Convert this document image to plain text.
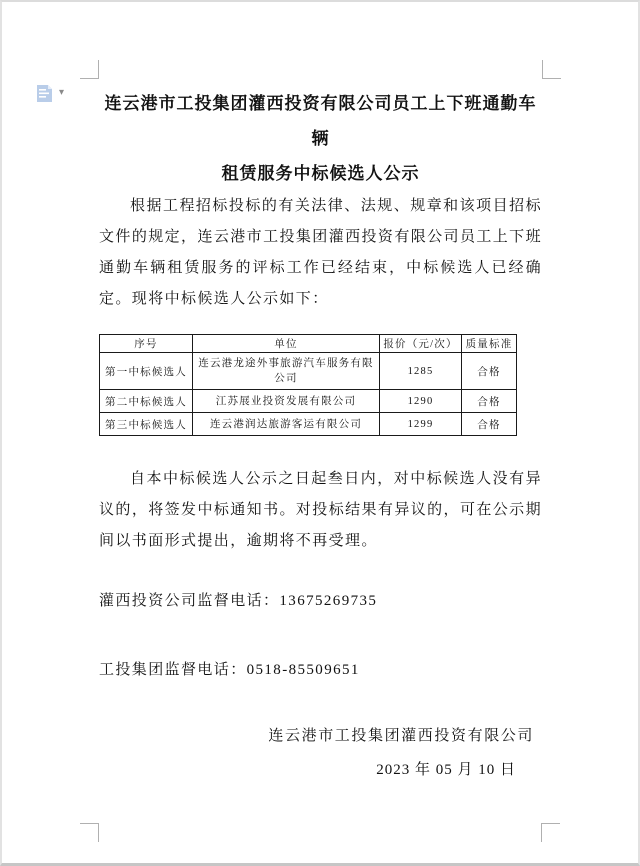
▾
连云港市工投集团灌西投资有限公司员工上下班通勤车辆
租赁服务中标候选人公示

根据工程招标投标的有关法律、法规、规章和该项目招标文件的规定，连云港市工投集团灌西投资有限公司员工上下班通勤车辆租赁服务的评标工作已经结束，中标候选人已经确定。现将中标候选人公示如下：

序号	单位	报价（元/次）	质量标准
第一中标候选人	连云港龙途外事旅游汽车服务有限公司	1285	合格
第二中标候选人	江苏展业投资发展有限公司	1290	合格
第三中标候选人	连云港润达旅游客运有限公司	1299	合格

自本中标候选人公示之日起叁日内，对中标候选人没有异议的，将签发中标通知书。对投标结果有异议的，可在公示期间以书面形式提出，逾期将不再受理。

灌西投资公司监督电话：13675269735

工投集团监督电话：0518-85509651

连云港市工投集团灌西投资有限公司

2023 年 05 月 10 日
